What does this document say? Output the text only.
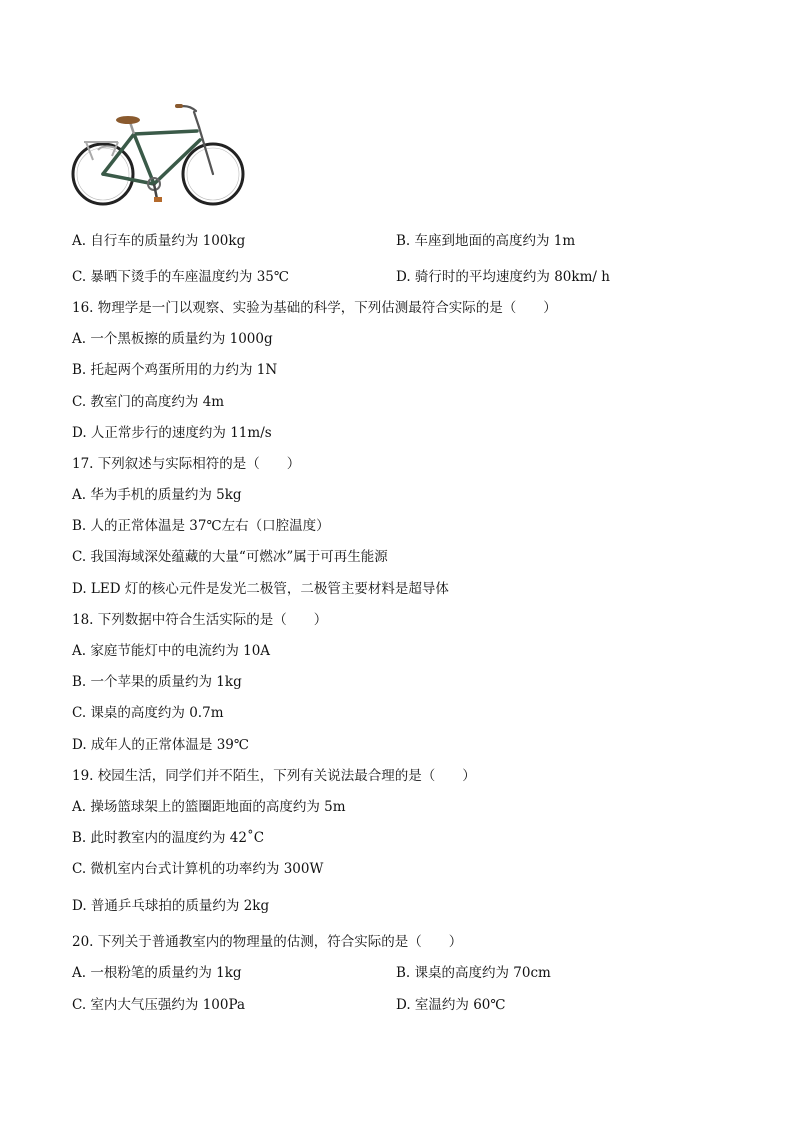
A. 自行车的质量约为 100kg	B. 车座到地面的高度约为 1m
C. 暴晒下烫手的车座温度约为 35℃	D. 骑行时的平均速度约为 80km/ h
16. 物理学是一门以观察、实验为基础的科学，下列估测最符合实际的是（　　）
A. 一个黑板擦的质量约为 1000g
B. 托起两个鸡蛋所用的力约为 1N
C. 教室门的高度约为 4m
D. 人正常步行的速度约为 11m/s
17. 下列叙述与实际相符的是（　　）
A. 华为手机的质量约为 5kg
B. 人的正常体温是 37℃左右（口腔温度）
C. 我国海域深处蕴藏的大量“可燃冰”属于可再生能源
D. LED 灯的核心元件是发光二极管，二极管主要材料是超导体
18. 下列数据中符合生活实际的是（　　）
A. 家庭节能灯中的电流约为 10A
B. 一个苹果的质量约为 1kg
C. 课桌的高度约为 0.7m
D. 成年人的正常体温是 39℃
19. 校园生活，同学们并不陌生，下列有关说法最合理的是（　　）
A. 操场篮球架上的篮圈距地面的高度约为 5m
B. 此时教室内的温度约为 42˚C
C. 微机室内台式计算机的功率约为 300W
D. 普通乒乓球拍的质量约为 2kg
20. 下列关于普通教室内的物理量的估测，符合实际的是（　　）
A. 一根粉笔的质量约为 1kg	B. 课桌的高度约为 70cm
C. 室内大气压强约为 100Pa	D. 室温约为 60℃
